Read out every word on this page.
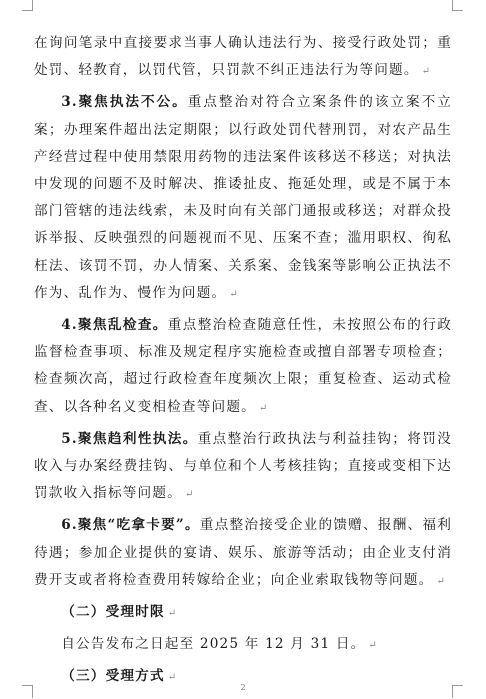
在询问笔录中直接要求当事人确认违法行为、接受行政处罚；重处罚、轻教育，以罚代管，只罚款不纠正违法行为等问题。 ↵

3.聚焦执法不公。重点整治对符合立案条件的该立案不立案；办理案件超出法定期限；以行政处罚代替刑罚，对农产品生产经营过程中使用禁限用药物的违法案件该移送不移送；对执法中发现的问题不及时解决、推诿扯皮、拖延处理，或是不属于本部门管辖的违法线索，未及时向有关部门通报或移送；对群众投诉举报、反映强烈的问题视而不见、压案不查；滥用职权、徇私枉法、该罚不罚，办人情案、关系案、金钱案等影响公正执法不作为、乱作为、慢作为问题。 ↵

4.聚焦乱检查。重点整治检查随意任性，未按照公布的行政监督检查事项、标准及规定程序实施检查或擅自部署专项检查；检查频次高，超过行政检查年度频次上限；重复检查、运动式检查、以各种名义变相检查等问题。 ↵

5.聚焦趋利性执法。重点整治行政执法与利益挂钩；将罚没收入与办案经费挂钩、与单位和个人考核挂钩；直接或变相下达罚款收入指标等问题。 ↵

6.聚焦“吃拿卡要”。重点整治接受企业的馈赠、报酬、福利待遇；参加企业提供的宴请、娱乐、旅游等活动；由企业支付消费开支或者将检查费用转嫁给企业；向企业索取钱物等问题。 ↵

（二）受理时限 ↵

自公告发布之日起至 2025 年 12 月 31 日。 ↵

（三）受理方式 ↵

2
